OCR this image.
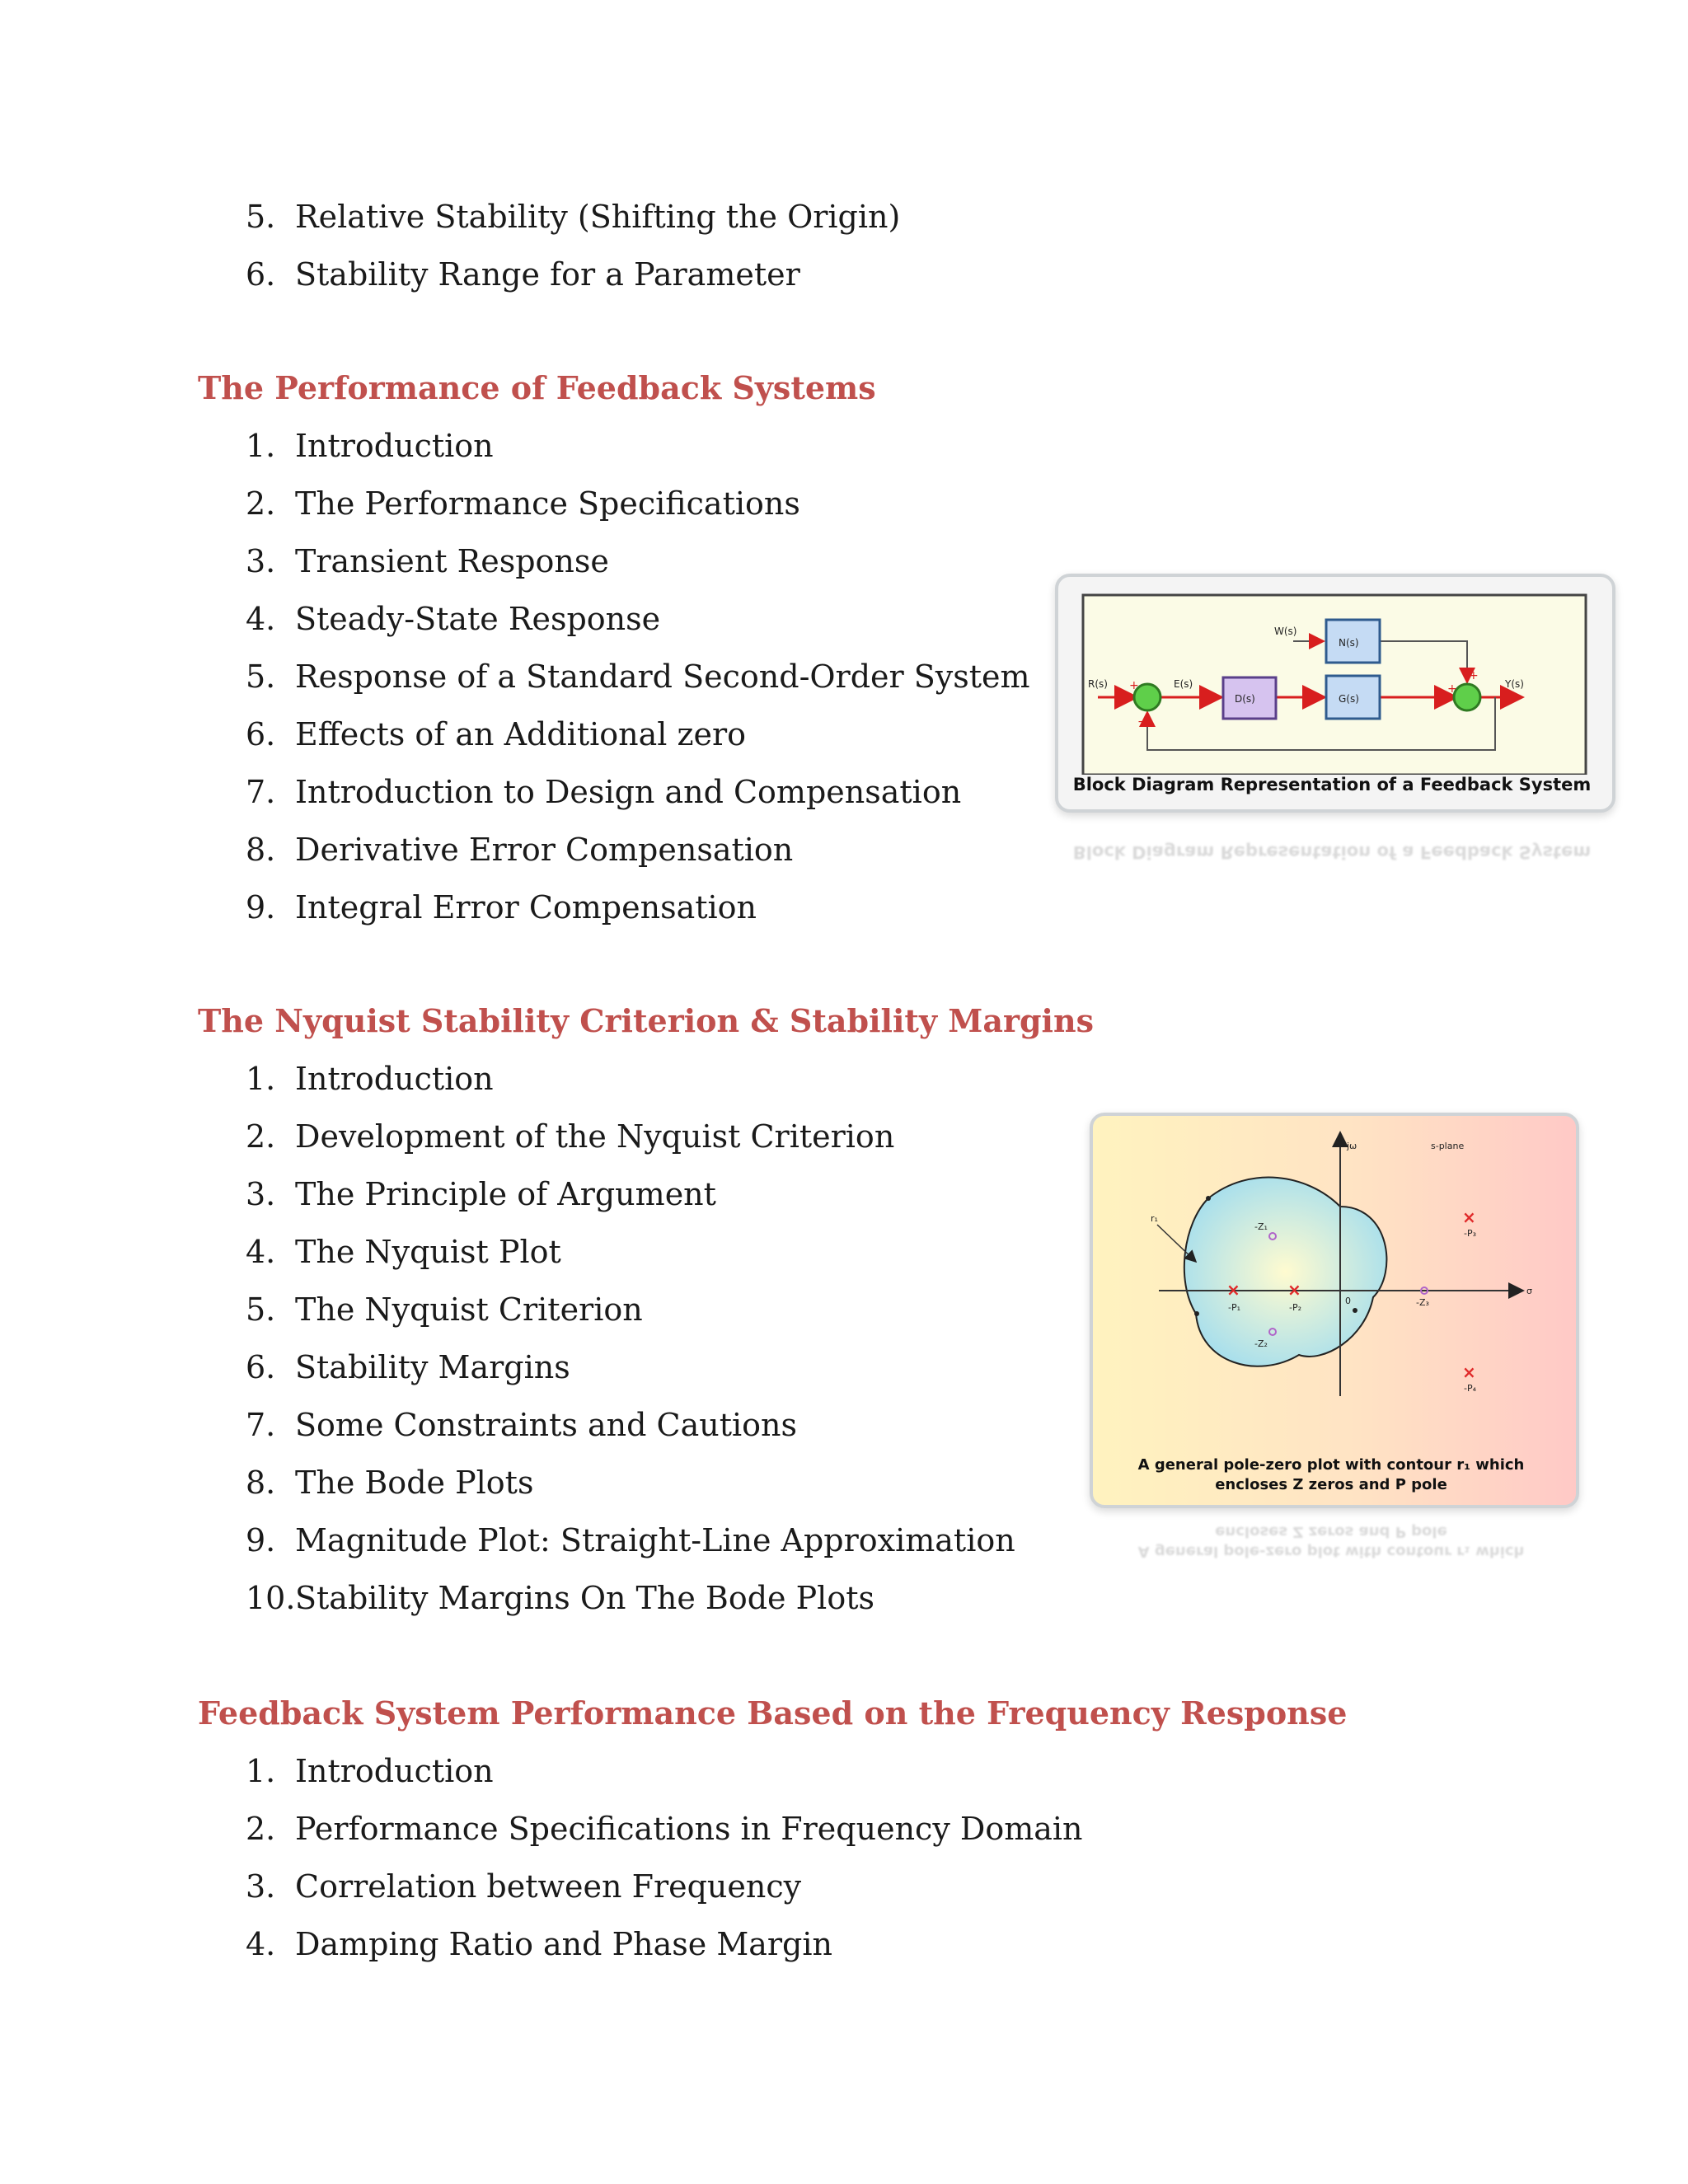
5. Relative Stability (Shifting the Origin)
6. Stability Range for a Parameter
The Performance of Feedback Systems
1. Introduction
2. The Performance Specifications
3. Transient Response
4. Steady-State Response
5. Response of a Standard Second-Order System
6. Effects of an Additional zero
7. Introduction to Design and Compensation
8. Derivative Error Compensation
9. Integral Error Compensation
The Nyquist Stability Criterion & Stability Margins
1. Introduction
2. Development of the Nyquist Criterion
3. The Principle of Argument
4. The Nyquist Plot
5. The Nyquist Criterion
6. Stability Margins
7. Some Constraints and Cautions
8. The Bode Plots
9. Magnitude Plot: Straight-Line Approximation
10. Stability Margins On The Bode Plots
Feedback System Performance Based on the Frequency Response
1. Introduction
2. Performance Specifications in Frequency Domain
3. Correlation between Frequency
4. Damping Ratio and Phase Margin
R(s) +
−
E(s)
W(s)
D(s)
N(s)
G(s)
+
+
Y(s)
Block Diagram Representation of a Feedback System
Block Diagram Representation of a Feedback System
×	×
×
×
jω	s-plane
σ
r₁
0
-Z₁
-Z₂
-Z₃
-P₁	-P₂
-P₃
-P₄
A general pole-zero plot with contour r₁ which
encloses Z zeros and P pole
A general pole-zero plot with contour r₁ which
encloses Z zeros and P pole
